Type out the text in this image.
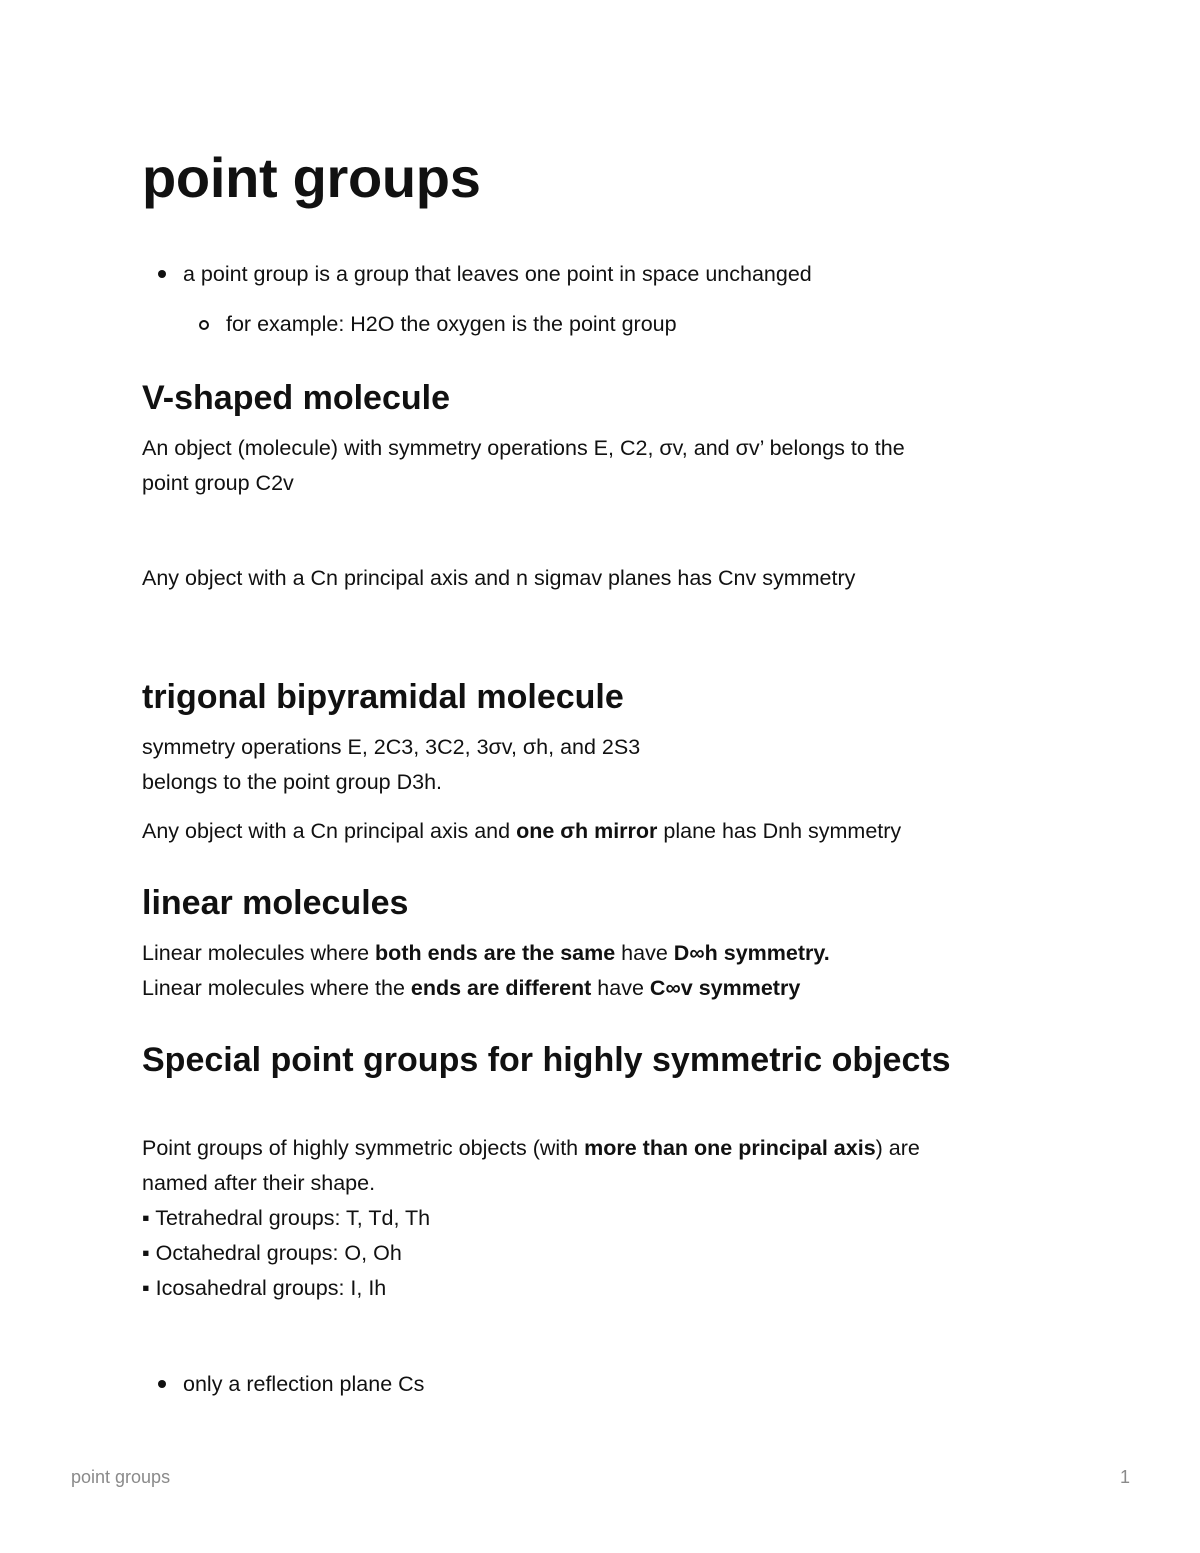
point groups

a point group is a group that leaves one point in space unchanged

for example: H2O the oxygen is the point group

V-shaped molecule

An object (molecule) with symmetry operations E, C2, σv, and σv’ belongs to the

point group C2v

Any object with a Cn principal axis and n sigmav planes has Cnv symmetry

trigonal bipyramidal molecule

symmetry operations E, 2C3, 3C2, 3σv, σh, and 2S3

belongs to the point group D3h.

Any object with a Cn principal axis and one σh mirror plane has Dnh symmetry

linear molecules

Linear molecules where both ends are the same have D∞h symmetry.

Linear molecules where the ends are different have C∞v symmetry

Special point groups for highly symmetric objects

Point groups of highly symmetric objects (with more than one principal axis) are

named after their shape.

▪ Tetrahedral groups: T, Td, Th

▪ Octahedral groups: O, Oh

▪ Icosahedral groups: I, Ih

only a reflection plane Cs

point groups	1
